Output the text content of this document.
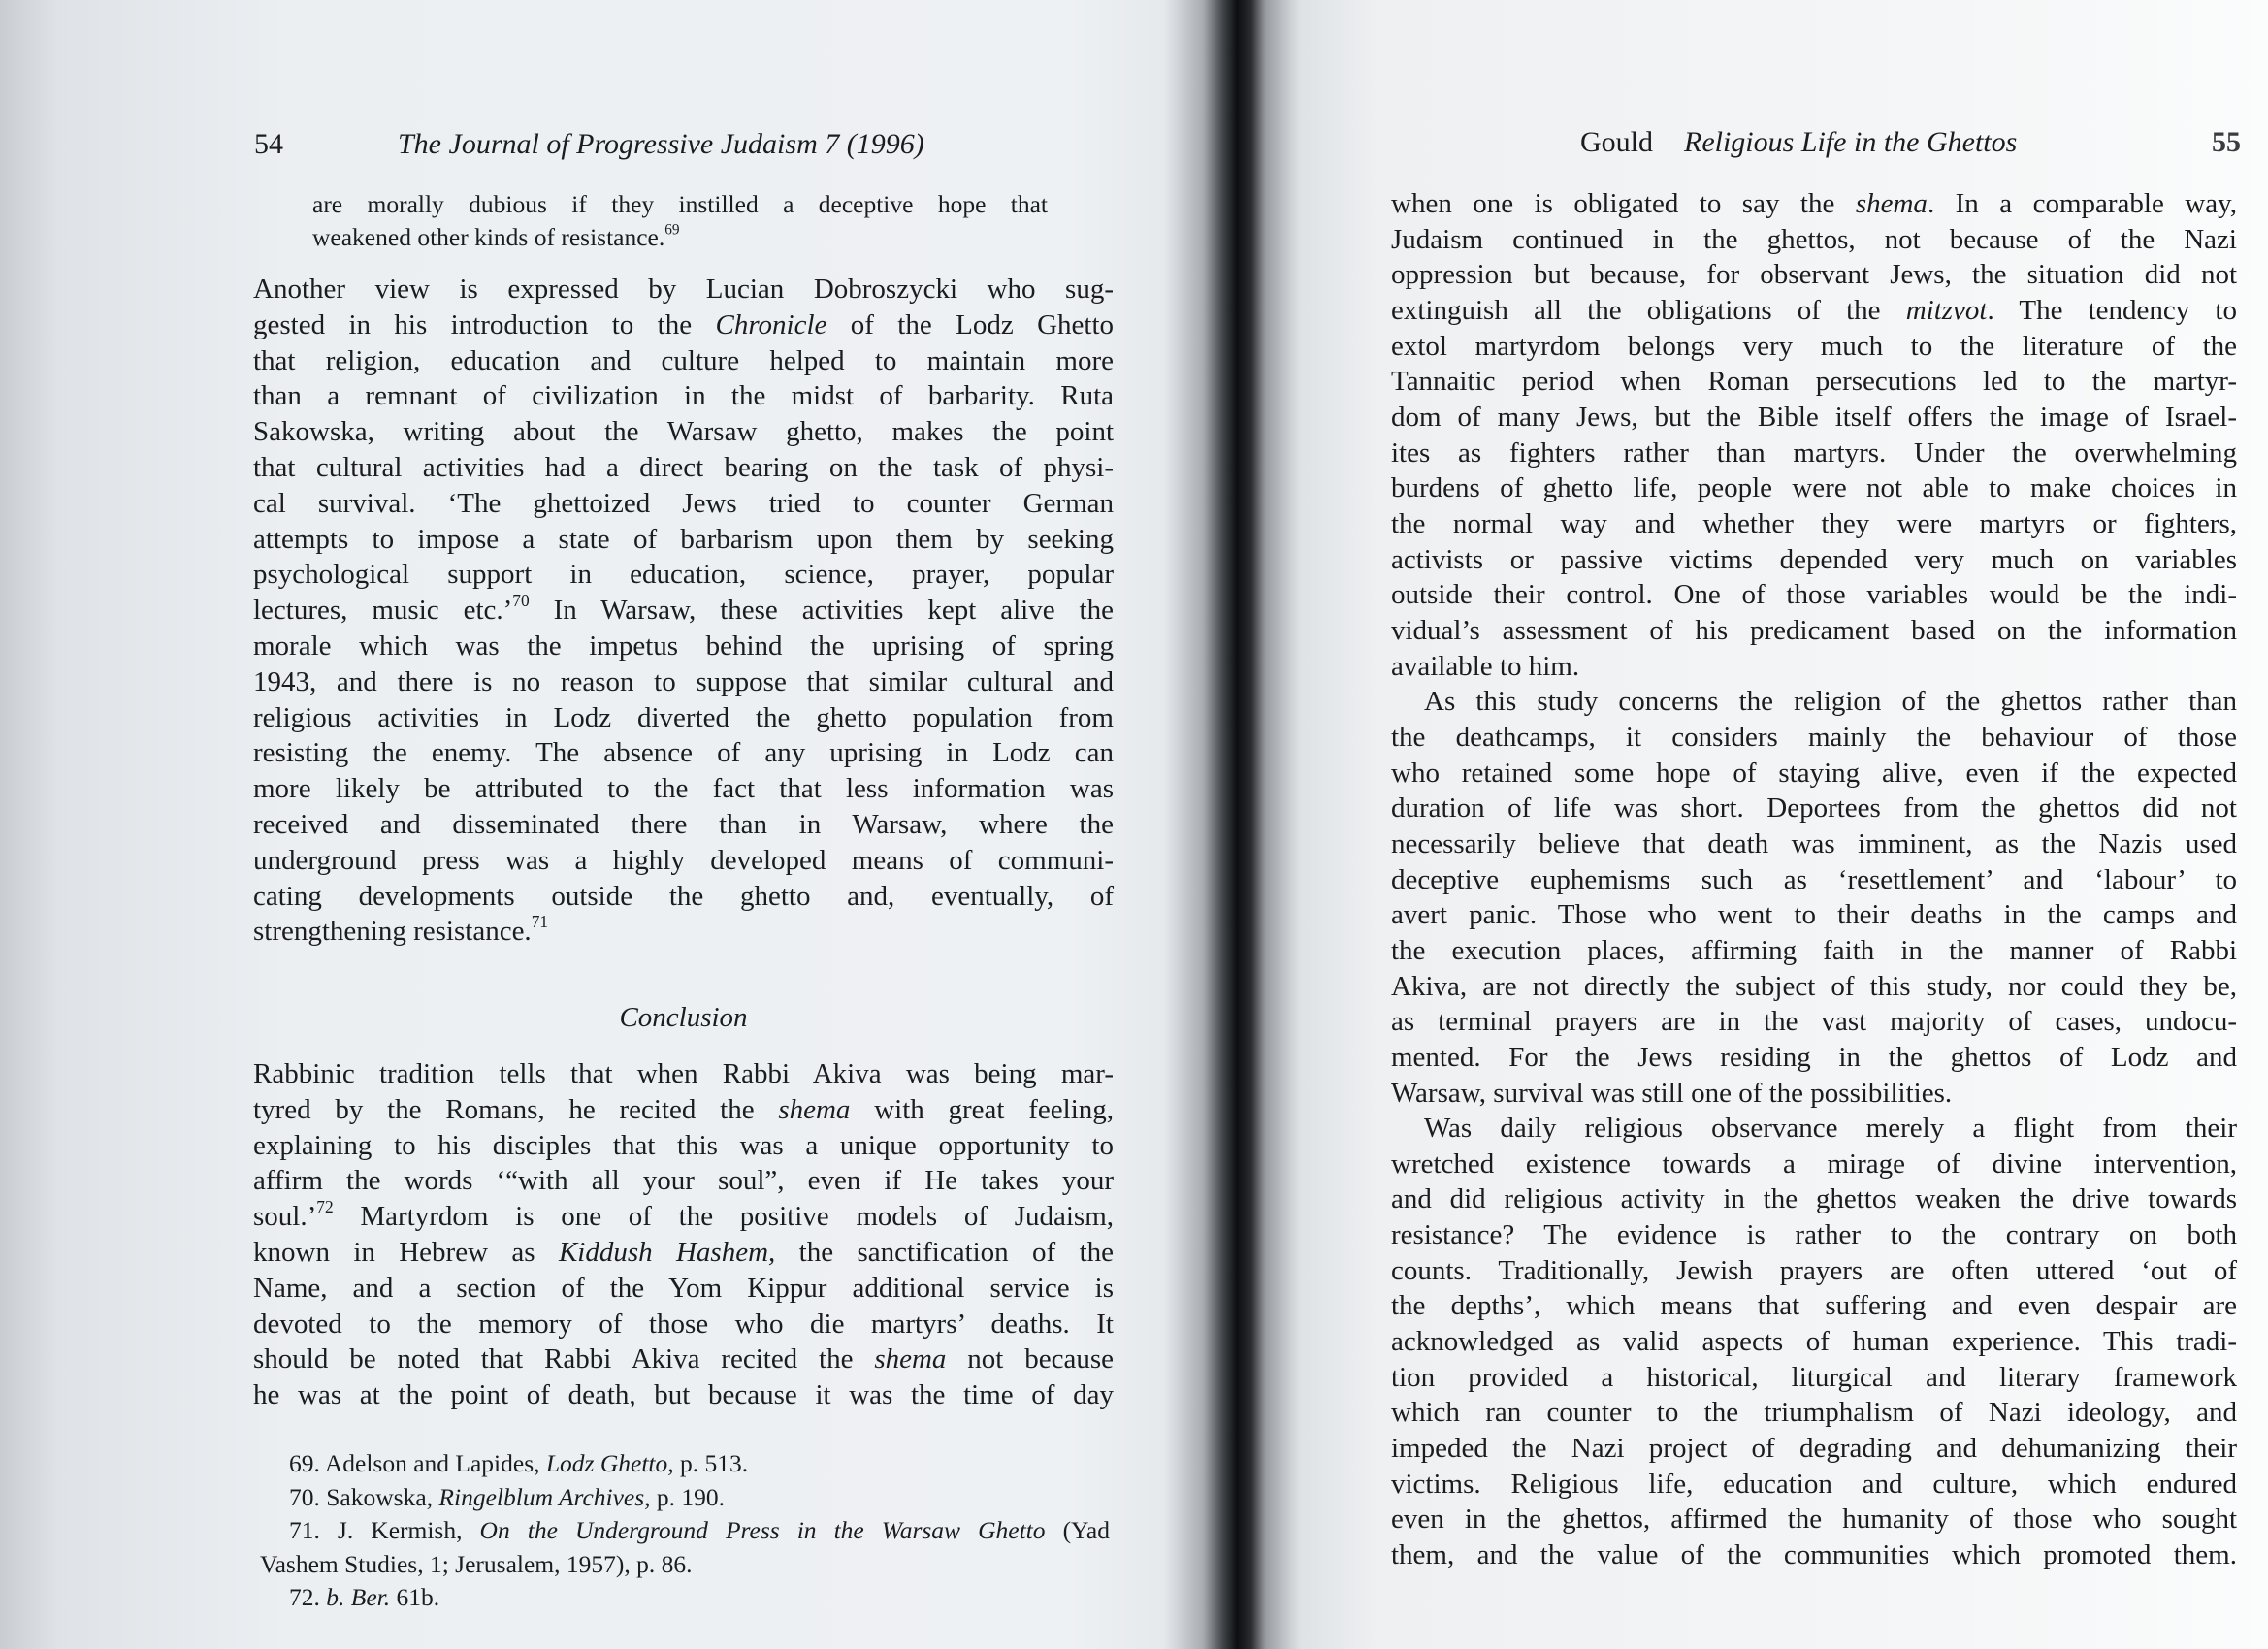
54	The Journal of Progressive Judaism 7 (1996)
Conclusion
Gould Religious Life in the Ghettos	55
are morally dubious if they instilled a deceptive hope that
weakened other kinds of resistance.$^{69}$
Another view is expressed by Lucian Dobroszycki who sug-
gested in his introduction to the Chronicle of the Lodz Ghetto
that religion, education and culture helped to maintain more
than a remnant of civilization in the midst of barbarity. Ruta
Sakowska, writing about the Warsaw ghetto, makes the point
that cultural activities had a direct bearing on the task of physi-
cal survival. ‘The ghettoized Jews tried to counter German
attempts to impose a state of barbarism upon them by seeking
psychological support in education, science, prayer, popular
lectures, music etc.’$^{70}$ In Warsaw, these activities kept alive the
morale which was the impetus behind the uprising of spring
1943, and there is no reason to suppose that similar cultural and
religious activities in Lodz diverted the ghetto population from
resisting the enemy. The absence of any uprising in Lodz can
more likely be attributed to the fact that less information was
received and disseminated there than in Warsaw, where the
underground press was a highly developed means of communi-
cating developments outside the ghetto and, eventually, of
strengthening resistance.$^{71}$
Rabbinic tradition tells that when Rabbi Akiva was being mar-
tyred by the Romans, he recited the shema with great feeling,
explaining to his disciples that this was a unique opportunity to
affirm the words ‘“with all your soul”, even if He takes your
soul.’$^{72}$ Martyrdom is one of the positive models of Judaism,
known in Hebrew as Kiddush Hashem, the sanctification of the
Name, and a section of the Yom Kippur additional service is
devoted to the memory of those who die martyrs’ deaths. It
should be noted that Rabbi Akiva recited the shema not because
he was at the point of death, but because it was the time of day
69. Adelson and Lapides, Lodz Ghetto, p. 513.
70. Sakowska, Ringelblum Archives, p. 190.
71. J. Kermish, On the Underground Press in the Warsaw Ghetto (Yad
Vashem Studies, 1; Jerusalem, 1957), p. 86.
72. b. Ber. 61b.
when one is obligated to say the shema. In a comparable way,
Judaism continued in the ghettos, not because of the Nazi
oppression but because, for observant Jews, the situation did not
extinguish all the obligations of the mitzvot. The tendency to
extol martyrdom belongs very much to the literature of the
Tannaitic period when Roman persecutions led to the martyr-
dom of many Jews, but the Bible itself offers the image of Israel-
ites as fighters rather than martyrs. Under the overwhelming
burdens of ghetto life, people were not able to make choices in
the normal way and whether they were martyrs or fighters,
activists or passive victims depended very much on variables
outside their control. One of those variables would be the indi-
vidual’s assessment of his predicament based on the information
available to him.
As this study concerns the religion of the ghettos rather than
the deathcamps, it considers mainly the behaviour of those
who retained some hope of staying alive, even if the expected
duration of life was short. Deportees from the ghettos did not
necessarily believe that death was imminent, as the Nazis used
deceptive euphemisms such as ‘resettlement’ and ‘labour’ to
avert panic. Those who went to their deaths in the camps and
the execution places, affirming faith in the manner of Rabbi
Akiva, are not directly the subject of this study, nor could they be,
as terminal prayers are in the vast majority of cases, undocu-
mented. For the Jews residing in the ghettos of Lodz and
Warsaw, survival was still one of the possibilities.
Was daily religious observance merely a flight from their
wretched existence towards a mirage of divine intervention,
and did religious activity in the ghettos weaken the drive towards
resistance? The evidence is rather to the contrary on both
counts. Traditionally, Jewish prayers are often uttered ‘out of
the depths’, which means that suffering and even despair are
acknowledged as valid aspects of human experience. This tradi-
tion provided a historical, liturgical and literary framework
which ran counter to the triumphalism of Nazi ideology, and
impeded the Nazi project of degrading and dehumanizing their
victims. Religious life, education and culture, which endured
even in the ghettos, affirmed the humanity of those who sought
them, and the value of the communities which promoted them.
